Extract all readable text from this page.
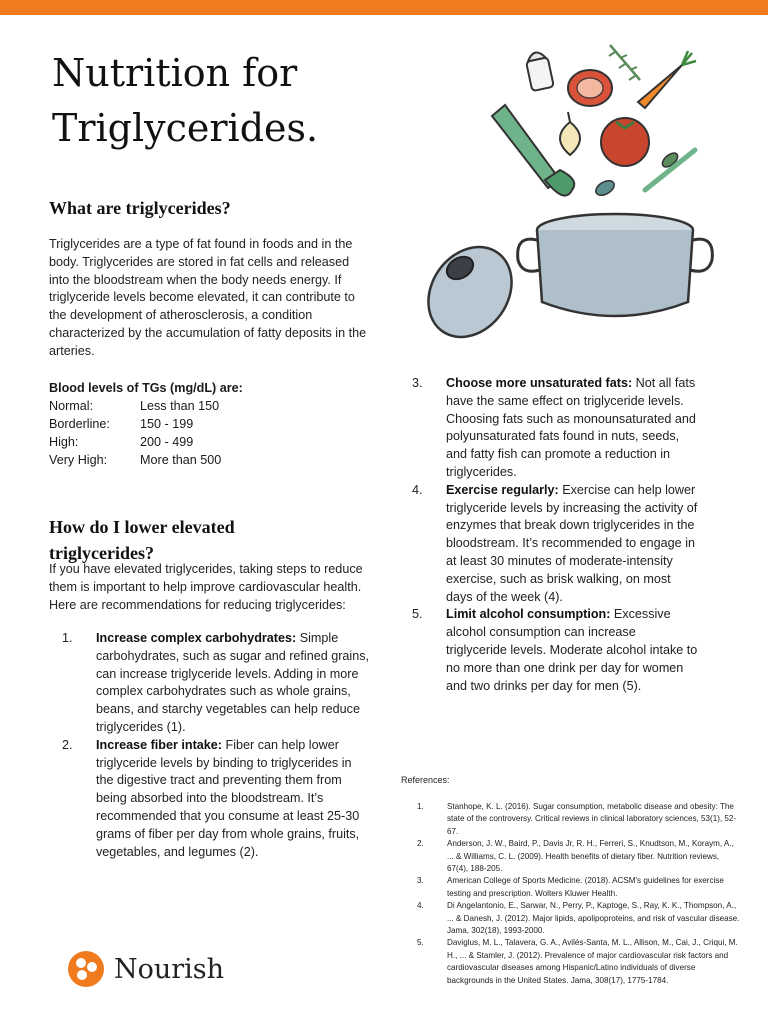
Nutrition for Triglycerides.
What are triglycerides?

Triglycerides are a type of fat found in foods and in the body. Triglycerides are stored in fat cells and released into the bloodstream when the body needs energy. If triglyceride levels become elevated, it can contribute to the development of atherosclerosis, a condition characterized by the accumulation of fatty deposits in the arteries.

Blood levels of TGs (mg/dL) are:
Normal:	Less than 150
Borderline:	150 - 199
High:	200 - 499
Very High:	More than 500
How do I lower elevated triglycerides?

If you have elevated triglycerides, taking steps to reduce them is important to help improve cardiovascular health. Here are recommendations for reducing triglycerides:

1.	Increase complex carbohydrates: Simple carbohydrates, such as sugar and refined grains, can increase triglyceride levels. Adding in more complex carbohydrates such as whole grains, beans, and starchy vegetables can help reduce triglycerides (1).
2.	Increase fiber intake: Fiber can help lower triglyceride levels by binding to triglycerides in the digestive tract and preventing them from being absorbed into the bloodstream. It’s recommended that you consume at least 25-30 grams of fiber per day from whole grains, fruits, vegetables, and legumes (2).
3.	Choose more unsaturated fats: Not all fats have the same effect on triglyceride levels. Choosing fats such as monounsaturated and polyunsaturated fats found in nuts, seeds, and fatty fish can promote a reduction in triglycerides.
4.	Exercise regularly: Exercise can help lower triglyceride levels by increasing the activity of enzymes that break down triglycerides in the bloodstream. It’s recommended to engage in at least 30 minutes of moderate-intensity exercise, such as brisk walking, on most days of the week (4).
5.	Limit alcohol consumption: Excessive alcohol consumption can increase triglyceride levels. Moderate alcohol intake to no more than one drink per day for women and two drinks per day for men (5).

References:

1.	Stanhope, K. L. (2016). Sugar consumption, metabolic disease and obesity: The state of the controversy. Critical reviews in clinical laboratory sciences, 53(1), 52-67.
2.	Anderson, J. W., Baird, P., Davis Jr, R. H., Ferreri, S., Knudtson, M., Koraym, A., ... & Williams, C. L. (2009). Health benefits of dietary fiber. Nutrition reviews, 67(4), 188-205.
3.	American College of Sports Medicine. (2018). ACSM's guidelines for exercise testing and prescription. Wolters Kluwer Health.
4.	Di Angelantonio, E., Sarwar, N., Perry, P., Kaptoge, S., Ray, K. K., Thompson, A., ... & Danesh, J. (2012). Major lipids, apolipoproteins, and risk of vascular disease. Jama, 302(18), 1993-2000.
5.	Daviglus, M. L., Talavera, G. A., Avilés-Santa, M. L., Allison, M., Cai, J., Criqui, M. H., ... & Stamler, J. (2012). Prevalence of major cardiovascular risk factors and cardiovascular diseases among Hispanic/Latino individuals of diverse backgrounds in the United States. Jama, 308(17), 1775-1784.
Nourish
